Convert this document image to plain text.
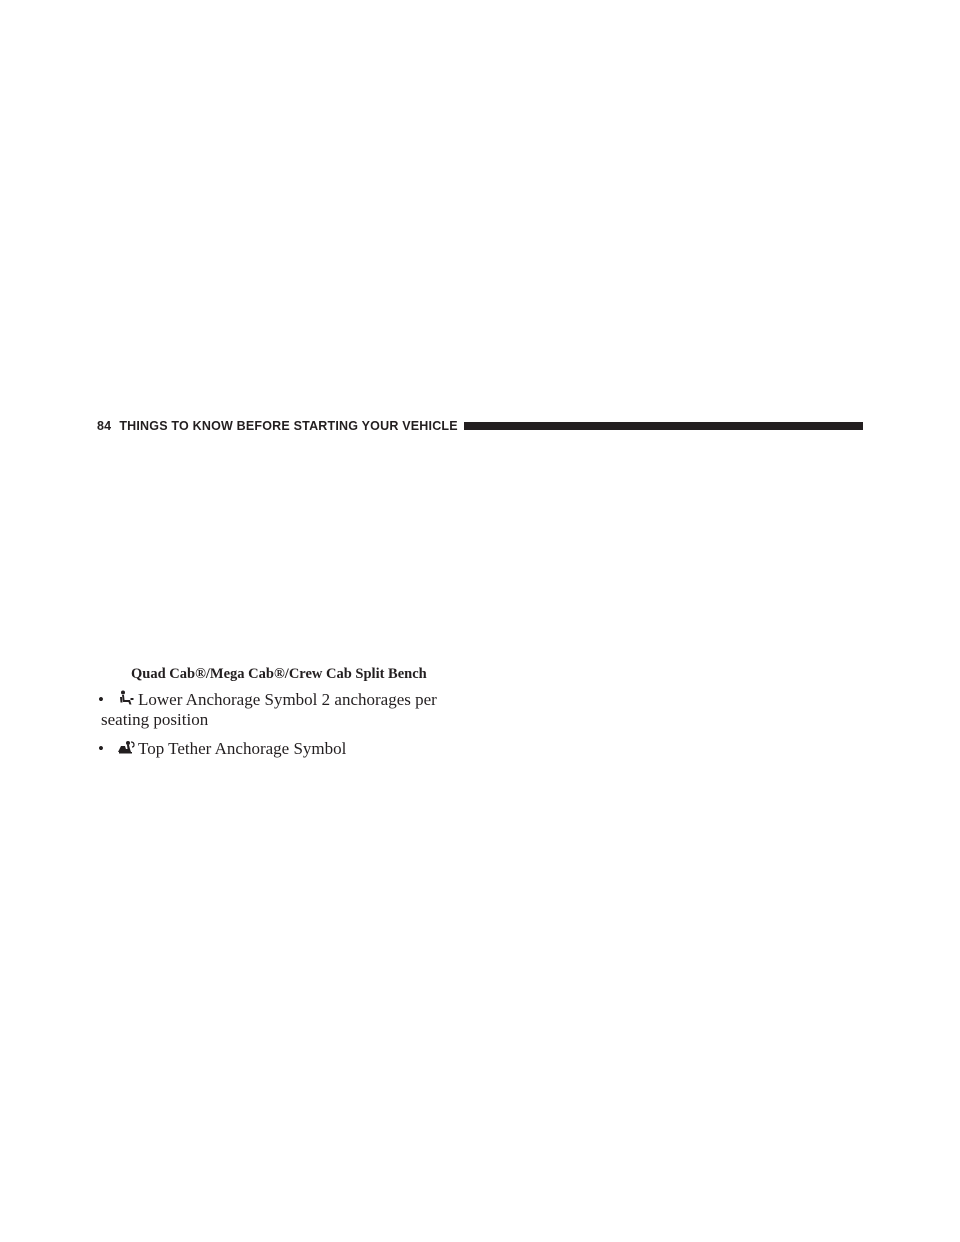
84 THINGS TO KNOW BEFORE STARTING YOUR VEHICLE
Quad Cab®/Mega Cab®/Crew Cab Split Bench
• Lower Anchorage Symbol 2 anchorages per
seating position
• Top Tether Anchorage Symbol
